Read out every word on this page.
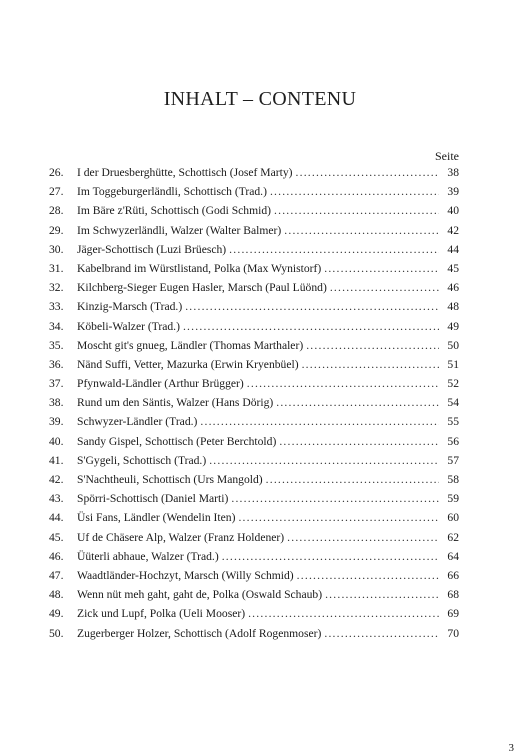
INHALT – CONTENU
Seite
26.	I der Druesberghütte, Schottisch (Josef Marty) .....	38
27.	Im Toggeburgerländli, Schottisch (Trad.) .....	39
28.	Im Bäre z'Rüti, Schottisch (Godi Schmid) .....	40
29.	Im Schwyzerländli, Walzer (Walter Balmer) .....	42
30.	Jäger-Schottisch (Luzi Brüesch) .....	44
31.	Kabelbrand im Würstlistand, Polka (Max Wynistorf) .....	45
32.	Kilchberg-Sieger Eugen Hasler, Marsch (Paul Lüönd) .....	46
33.	Kinzig-Marsch (Trad.) .....	48
34.	Köbeli-Walzer (Trad.) .....	49
35.	Moscht git's gnueg, Ländler (Thomas Marthaler) .....	50
36.	Nänd Suffi, Vetter, Mazurka (Erwin Kryenbüel) .....	51
37.	Pfynwald-Ländler (Arthur Brügger) .....	52
38.	Rund um den Säntis, Walzer (Hans Dörig) .....	54
39.	Schwyzer-Ländler (Trad.) .....	55
40.	Sandy Gispel, Schottisch (Peter Berchtold) .....	56
41.	S'Gygeli, Schottisch (Trad.) .....	57
42.	S'Nachtheuli, Schottisch (Urs Mangold) .....	58
43.	Spörri-Schottisch (Daniel Marti) .....	59
44.	Üsi Fans, Ländler (Wendelin Iten) .....	60
45.	Uf de Chäsere Alp, Walzer (Franz Holdener) .....	62
46.	Üüterli abhaue, Walzer (Trad.) .....	64
47.	Waadtländer-Hochzyt, Marsch (Willy Schmid) .....	66
48.	Wenn nüt meh gaht, gaht de, Polka (Oswald Schaub) .....	68
49.	Zick und Lupf, Polka (Ueli Mooser) .....	69
50.	Zugerberger Holzer, Schottisch (Adolf Rogenmoser) .....	70
3
